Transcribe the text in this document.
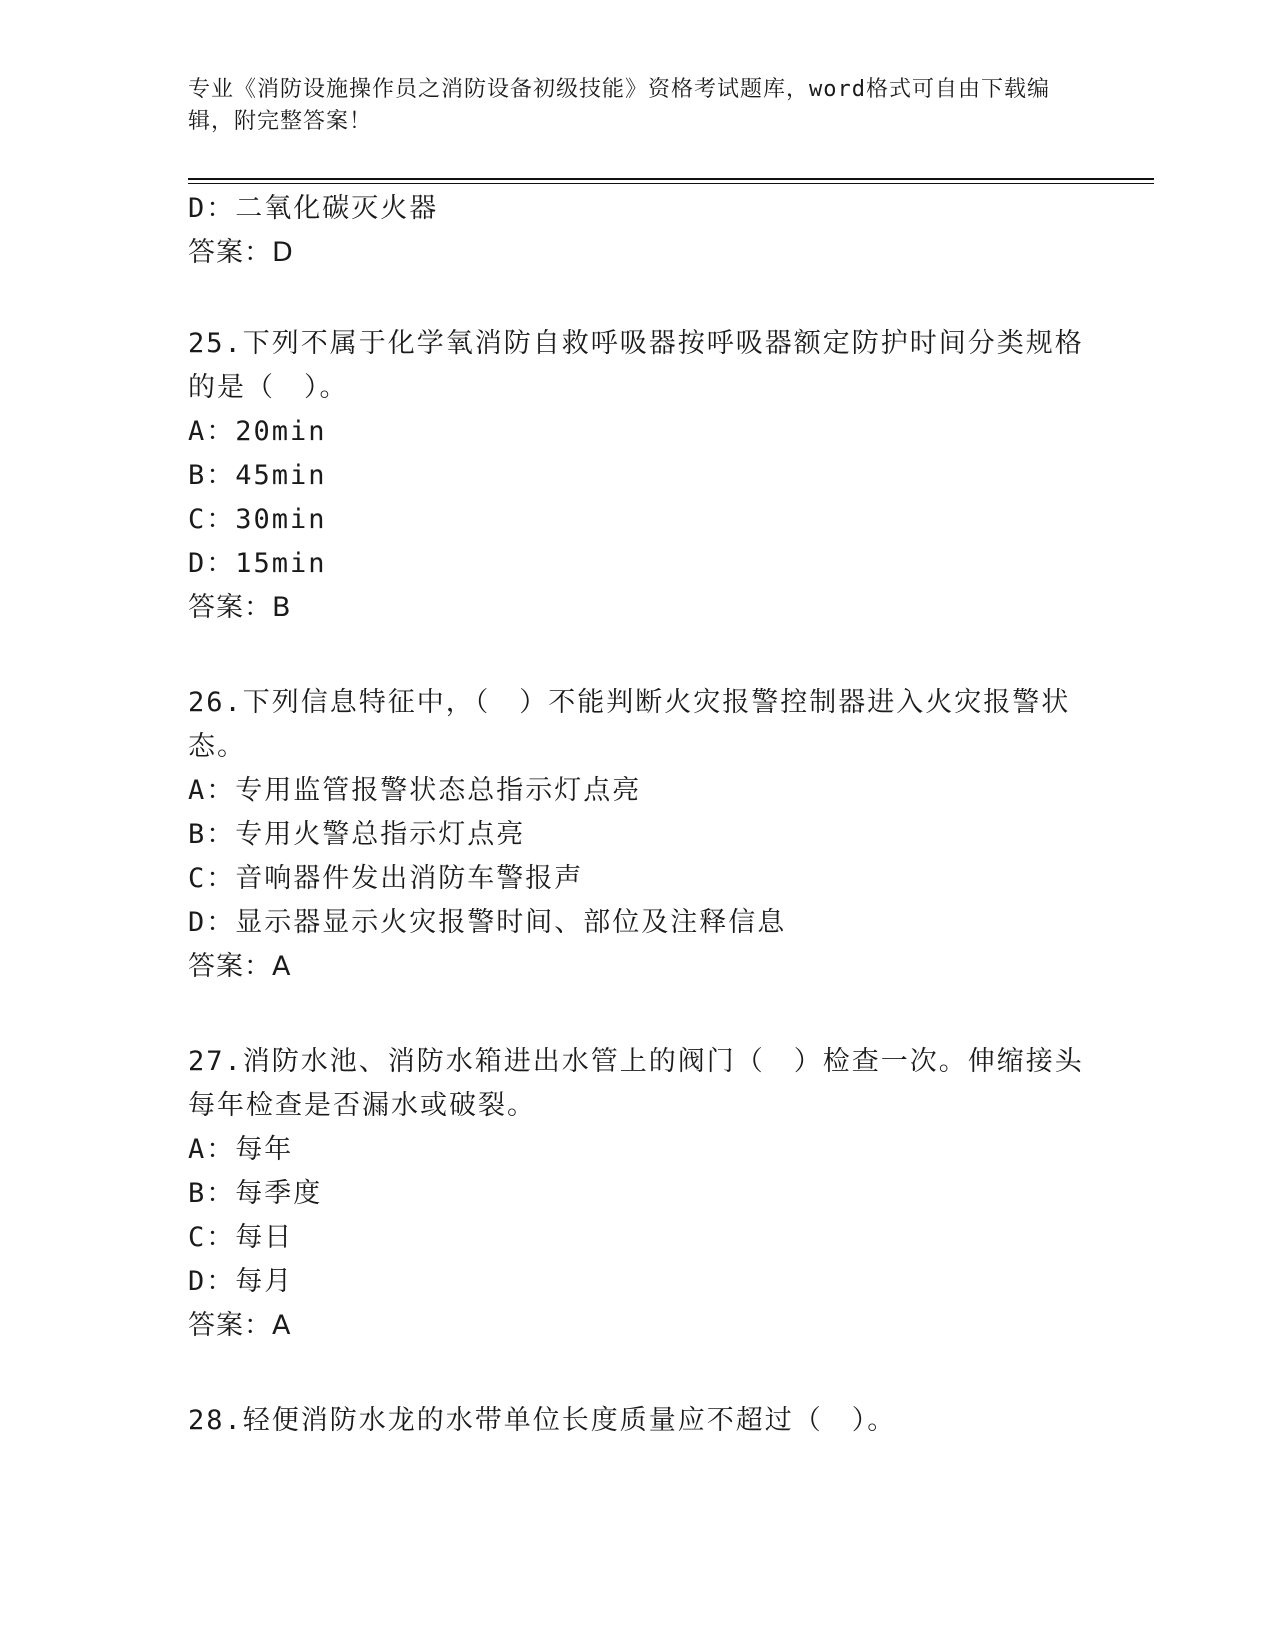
专业《消防设施操作员之消防设备初级技能》资格考试题库，word格式可自由下载编辑，附完整答案！
D：二氧化碳灭火器
答案：D
25.下列不属于化学氧消防自救呼吸器按呼吸器额定防护时间分类规格
的是（　）。
A：20min
B：45min
C：30min
D：15min
答案：B
26.下列信息特征中，（　）不能判断火灾报警控制器进入火灾报警状
态。
A：专用监管报警状态总指示灯点亮
B：专用火警总指示灯点亮
C：音响器件发出消防车警报声
D：显示器显示火灾报警时间、部位及注释信息
答案：A
27.消防水池、消防水箱进出水管上的阀门（　）检查一次。伸缩接头
每年检查是否漏水或破裂。
A：每年
B：每季度
C：每日
D：每月
答案：A
28.轻便消防水龙的水带单位长度质量应不超过（　）。
